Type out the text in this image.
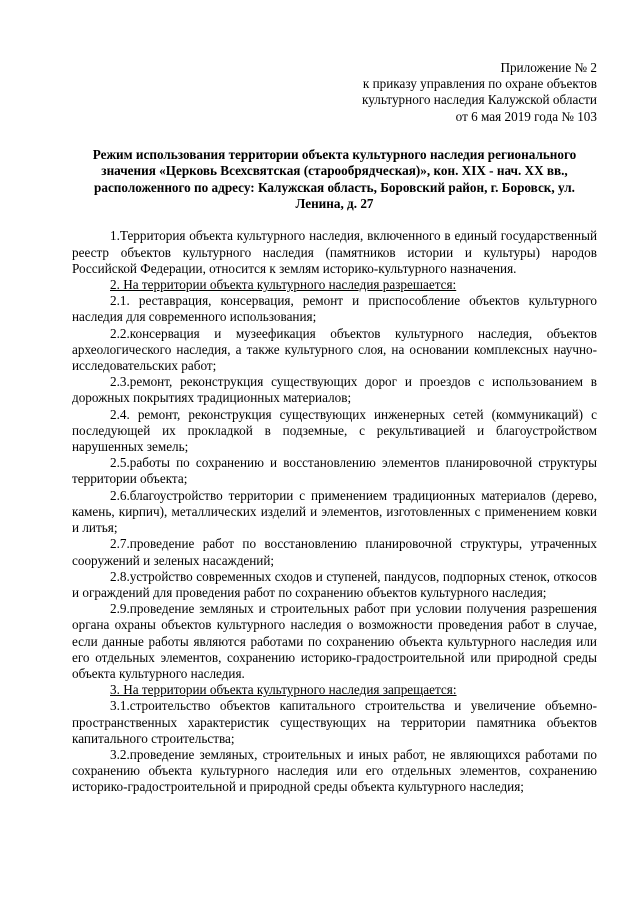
Приложение № 2
к приказу управления по охране объектов
культурного наследия Калужской области
от 6 мая 2019 года № 103
Режим использования территории объекта культурного наследия регионального значения «Церковь Всехсвятская (старообрядческая)», кон. XIX - нач. XX вв., расположенного по адресу: Калужская область, Боровский район, г. Боровск, ул. Ленина, д. 27

1.Территория объекта культурного наследия, включенного в единый государственный реестр объектов культурного наследия (памятников истории и культуры) народов Российской Федерации, относится к землям историко-культурного назначения.

2. На территории объекта культурного наследия разрешается:

2.1. реставрация, консервация, ремонт и приспособление объектов культурного наследия для современного использования;

2.2.консервация и музеефикация объектов культурного наследия, объектов археологического наследия, а также культурного слоя, на основании комплексных научно-исследовательских работ;

2.3.ремонт, реконструкция существующих дорог и проездов с использованием в дорожных покрытиях традиционных материалов;

2.4. ремонт, реконструкция существующих инженерных сетей (коммуникаций) с последующей их прокладкой в подземные, с рекультивацией и благоустройством нарушенных земель;

2.5.работы по сохранению и восстановлению элементов планировочной структуры территории объекта;

2.6.благоустройство территории с применением традиционных материалов (дерево, камень, кирпич), металлических изделий и элементов, изготовленных с применением ковки и литья;

2.7.проведение работ по восстановлению планировочной структуры, утраченных сооружений и зеленых насаждений;

2.8.устройство современных сходов и ступеней, пандусов, подпорных стенок, откосов и ограждений для проведения работ по сохранению объектов культурного наследия;

2.9.проведение земляных и строительных работ при условии получения разрешения органа охраны объектов культурного наследия о возможности проведения работ в случае, если данные работы являются работами по сохранению объекта культурного наследия или его отдельных элементов, сохранению историко-градостроительной или природной среды объекта культурного наследия.

3. На территории объекта культурного наследия запрещается:

3.1.строительство объектов капитального строительства и увеличение объемно-пространственных характеристик существующих на территории памятника объектов капитального строительства;

3.2.проведение земляных, строительных и иных работ, не являющихся работами по сохранению объекта культурного наследия или его отдельных элементов, сохранению историко-градостроительной и природной среды объекта культурного наследия;
